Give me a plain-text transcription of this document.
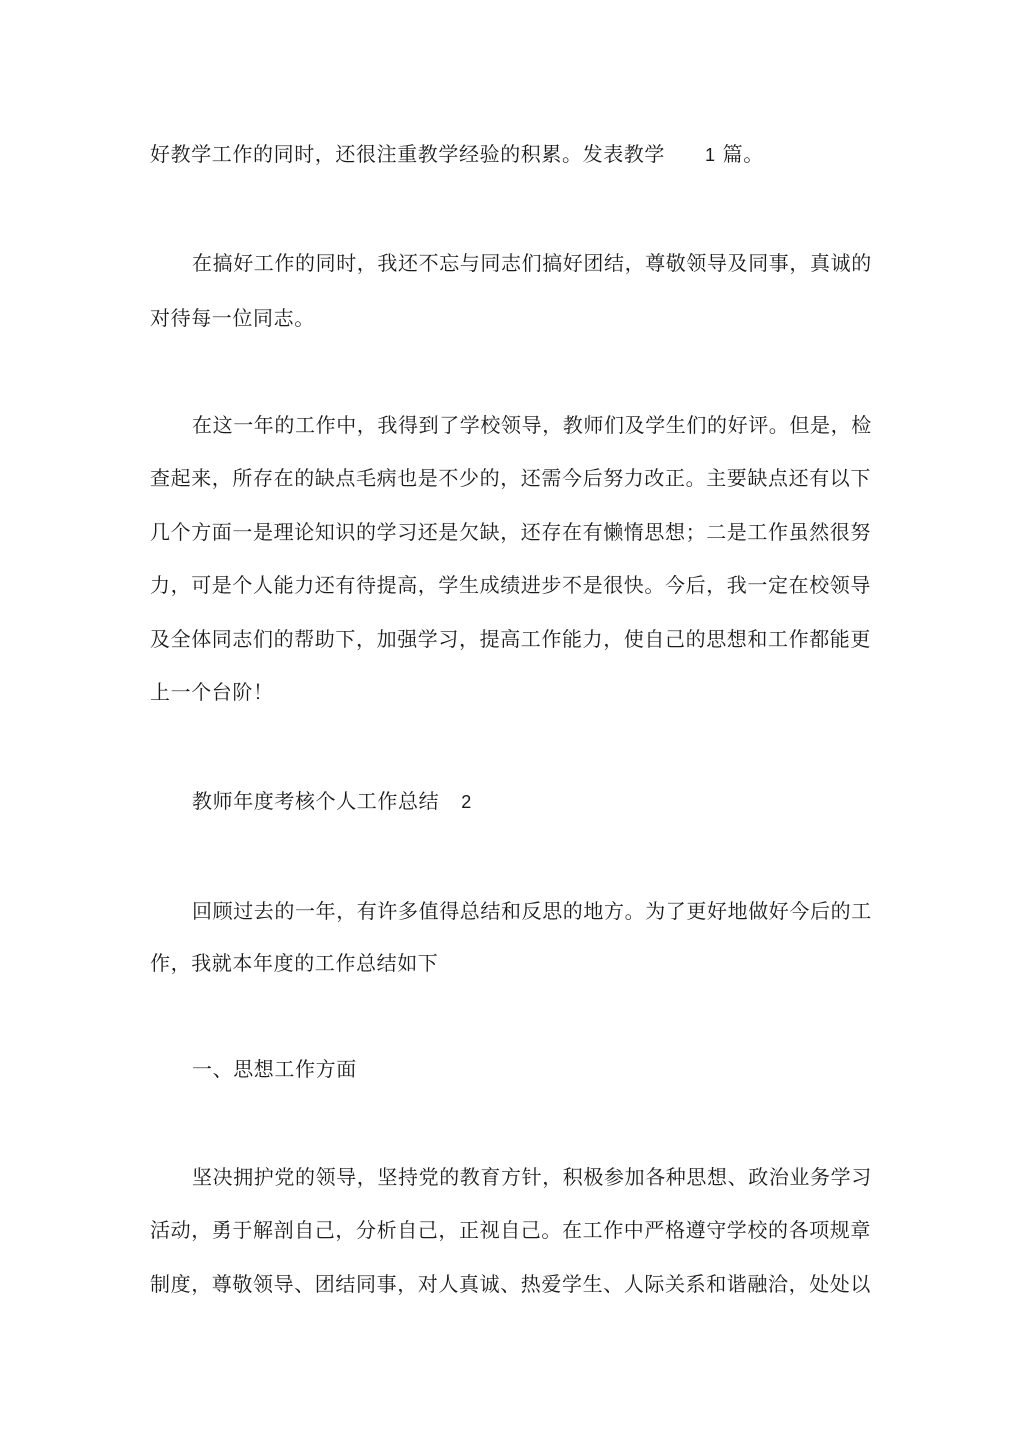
好教学工作的同时，还很注重教学经验的积累。发表教学 1 篇。
在搞好工作的同时，我还不忘与同志们搞好团结，尊敬领导及同事，真诚的
对待每一位同志。
在这一年的工作中，我得到了学校领导，教师们及学生们的好评。但是，检
查起来，所存在的缺点毛病也是不少的，还需今后努力改正。主要缺点还有以下
几个方面一是理论知识的学习还是欠缺，还存在有懒惰思想；二是工作虽然很努
力，可是个人能力还有待提高，学生成绩进步不是很快。今后，我一定在校领导
及全体同志们的帮助下，加强学习，提高工作能力，使自己的思想和工作都能更
上一个台阶！
教师年度考核个人工作总结 2
回顾过去的一年，有许多值得总结和反思的地方。为了更好地做好今后的工
作，我就本年度的工作总结如下
一、思想工作方面
坚决拥护党的领导，坚持党的教育方针，积极参加各种思想、政治业务学习
活动，勇于解剖自己，分析自己，正视自己。在工作中严格遵守学校的各项规章
制度，尊敬领导、团结同事，对人真诚、热爱学生、人际关系和谐融洽，处处以
